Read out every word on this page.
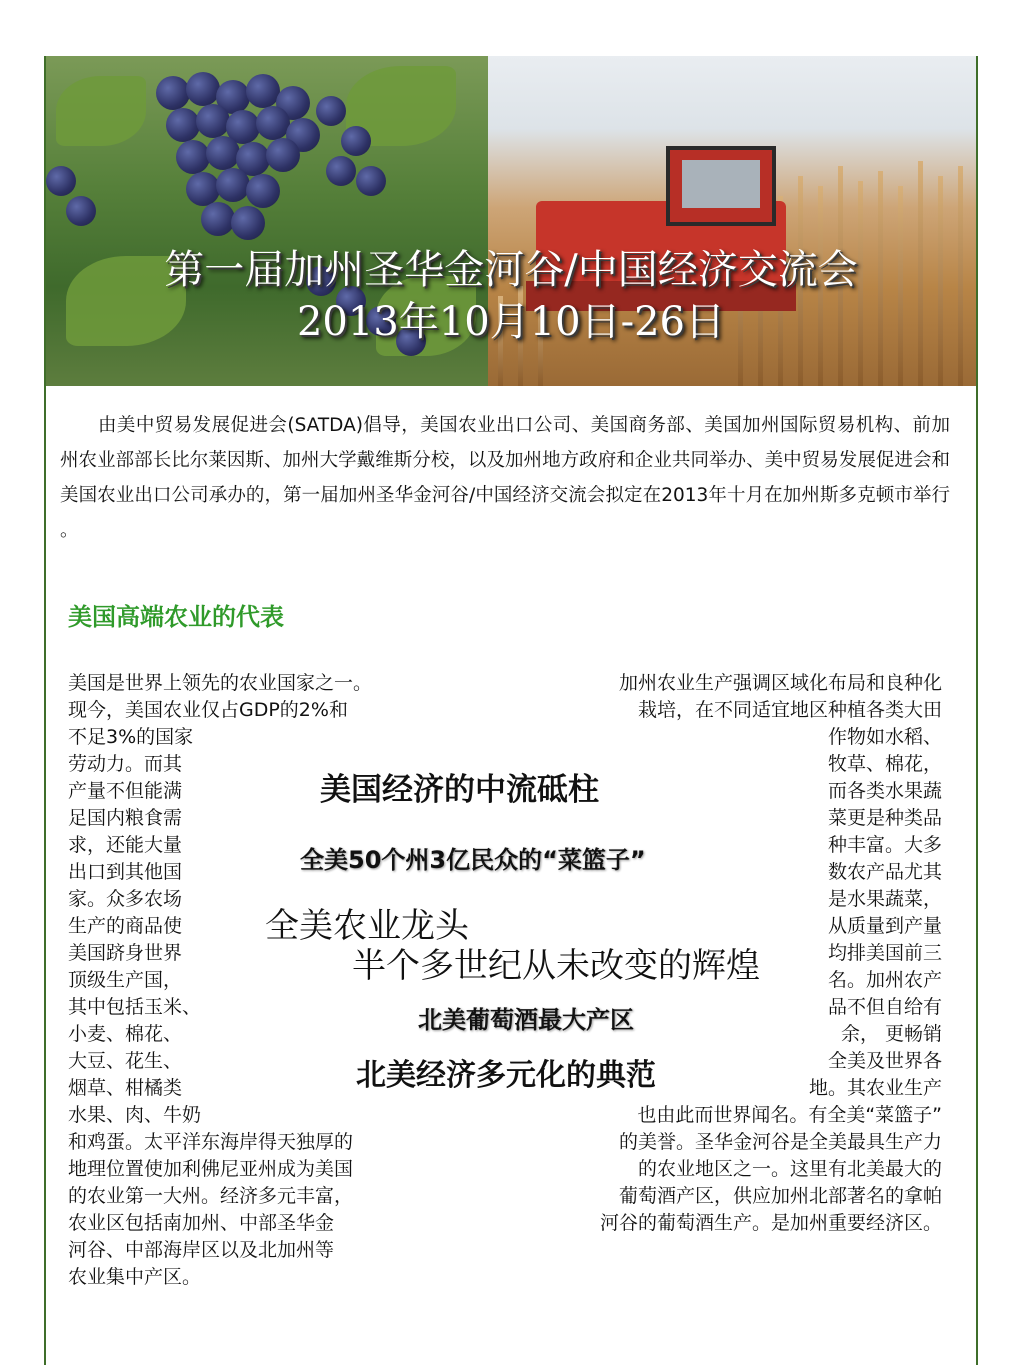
第一届加州圣华金河谷/中国经济交流会
2013年10月10日-26日
由美中贸易发展促进会(SATDA)倡导，美国农业出口公司、美国商务部、美国加州国际贸易机构、前加州农业部部长比尔莱因斯、加州大学戴维斯分校，以及加州地方政府和企业共同举办、美中贸易发展促进会和美国农业出口公司承办的，第一届加州圣华金河谷/中国经济交流会拟定在2013年十月在加州斯多克顿市举行 。
美国高端农业的代表
美国是世界上领先的农业国家之一。
现今，美国农业仅占GDP的2%和
不足3%的国家
劳动力。而其
产量不但能满
足国内粮食需
求，还能大量
出口到其他国
家。众多农场
生产的商品使
美国跻身世界
顶级生产国，
其中包括玉米、
小麦、棉花、
大豆、花生、
烟草、柑橘类
水果、肉、牛奶
和鸡蛋。太平洋东海岸得天独厚的
地理位置使加利佛尼亚州成为美国
的农业第一大州。经济多元丰富，
农业区包括南加州、中部圣华金
河谷、中部海岸区以及北加州等
农业集中产区。
加州农业生产强调区域化布局和良种化
栽培，在不同适宜地区种植各类大田
作物如水稻、
牧草、棉花，
而各类水果蔬
菜更是种类品
种丰富。大多
数农产品尤其
是水果蔬菜，
从质量到产量
均排美国前三
名。加州农产
品不但自给有
余， 更畅销
全美及世界各
地。其农业生产
也由此而世界闻名。有全美“菜篮子”
的美誉。圣华金河谷是全美最具生产力
的农业地区之一。这里有北美最大的
葡萄酒产区，供应加州北部著名的拿帕
河谷的葡萄酒生产。是加州重要经济区。
美国经济的中流砥柱
全美50个州3亿民众的“菜篮子”
全美农业龙头
半个多世纪从未改变的辉煌
北美葡萄酒最大产区
北美经济多元化的典范
